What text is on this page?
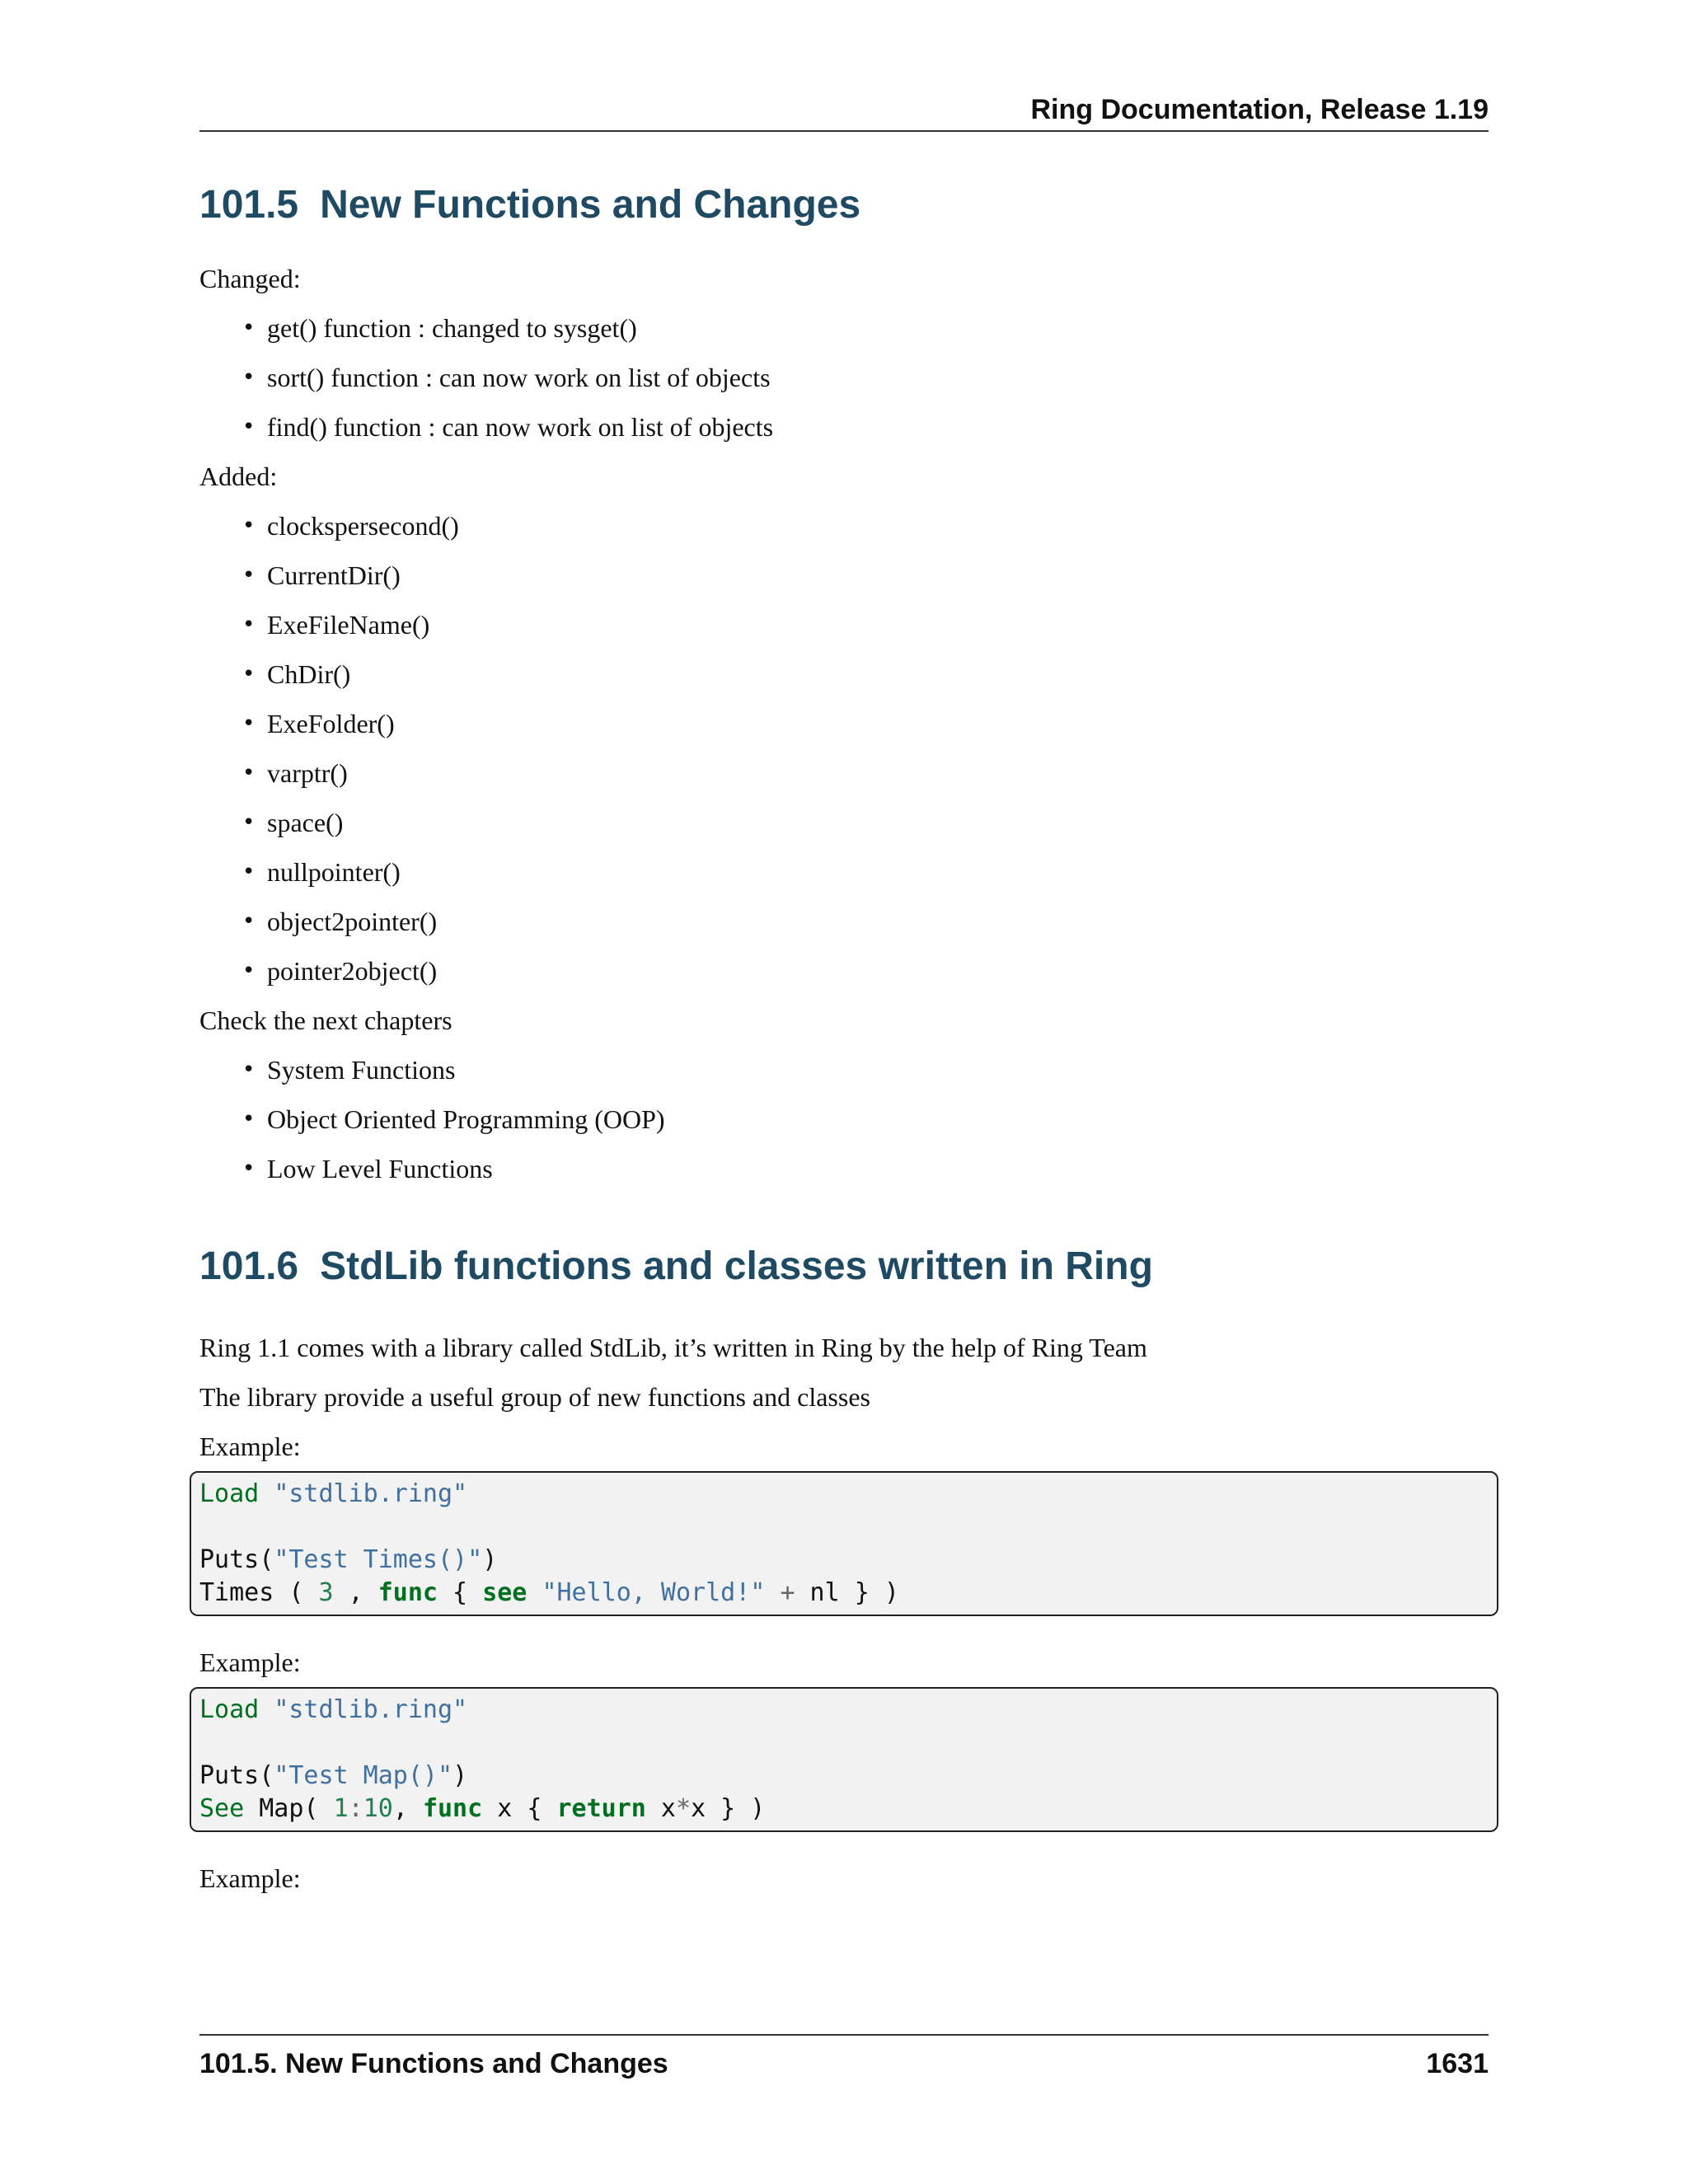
Ring Documentation, Release 1.19
101.5 New Functions and Changes

Changed:

• get() function : changed to sysget()
• sort() function : can now work on list of objects
• find() function : can now work on list of objects

Added:

• clockspersecond()
• CurrentDir()
• ExeFileName()
• ChDir()
• ExeFolder()
• varptr()
• space()
• nullpointer()
• object2pointer()
• pointer2object()

Check the next chapters

• System Functions
• Object Oriented Programming (OOP)
• Low Level Functions
101.6 StdLib functions and classes written in Ring

Ring 1.1 comes with a library called StdLib, it’s written in Ring by the help of Ring Team

The library provide a useful group of new functions and classes

Example:

Load "stdlib.ring"

Puts("Test Times()")
Times ( 3 , func { see "Hello, World!" + nl } )

Example:

Load "stdlib.ring"

Puts("Test Map()")
See Map( 1:10, func x { return x*x } )

Example:

101.5. New Functions and Changes	1631
